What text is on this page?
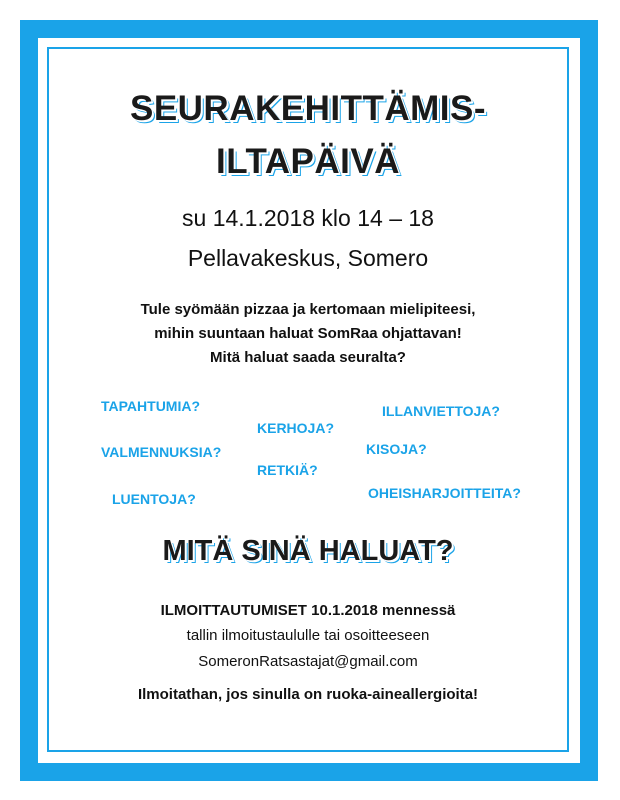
SEURAKEHITTÄMIS-
ILTAPÄIVÄ
su 14.1.2018 klo 14 – 18
Pellavakeskus, Somero
Tule syömään pizzaa ja kertomaan mielipiteesi,
mihin suuntaan haluat SomRaa ohjattavan!
Mitä haluat saada seuralta?
TAPAHTUMIA?
KERHOJA?
ILLANVIETTOJA?
VALMENNUKSIA?	KISOJA?
RETKIÄ?
LUENTOJA?	OHEISHARJOITTEITA?
MITÄ SINÄ HALUAT?
ILMOITTAUTUMISET 10.1.2018 mennessä
tallin ilmoitustaululle tai osoitteeseen
SomeronRatsastajat@gmail.com
Ilmoitathan, jos sinulla on ruoka-aineallergioita!
